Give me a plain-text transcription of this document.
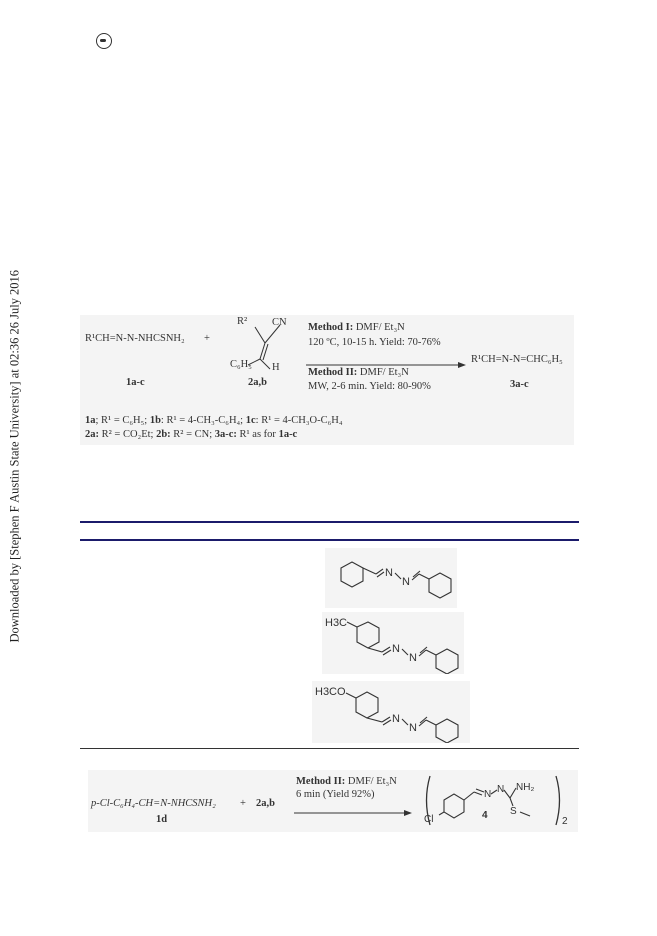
Downloaded by [Stephen F Austin State University] at 02:36 26 July 2016	R¹CH=N-N-NHCSNH₂ +
R² CN
C₆H₅ H
1a-c	2a,b
Method I: DMF/ Et₃N
120 ºC, 10-15 h. Yield: 70-76%
Method II: DMF/ Et₃N
MW, 2-6 min. Yield: 80-90%
R¹CH=N-N=CHC₆H₅
3a-c
1a; R¹ = C₆H₅; 1b: R¹ = 4-CH₃-C₆H₄; 1c: R¹ = 4-CH₃O-C₆H₄
2a: R² = CO₂Et; 2b: R² = CN; 3a-c: R¹ as for 1a-c
N
N
H3C
N
N
H3CO
N
N
p-Cl-C₆H₄-CH=N-NHCSNH₂ + 2a,b
1d
Method II: DMF/ Et₃N
6 min (Yield 92%)
Cl
N N NH₂
S
4
2
